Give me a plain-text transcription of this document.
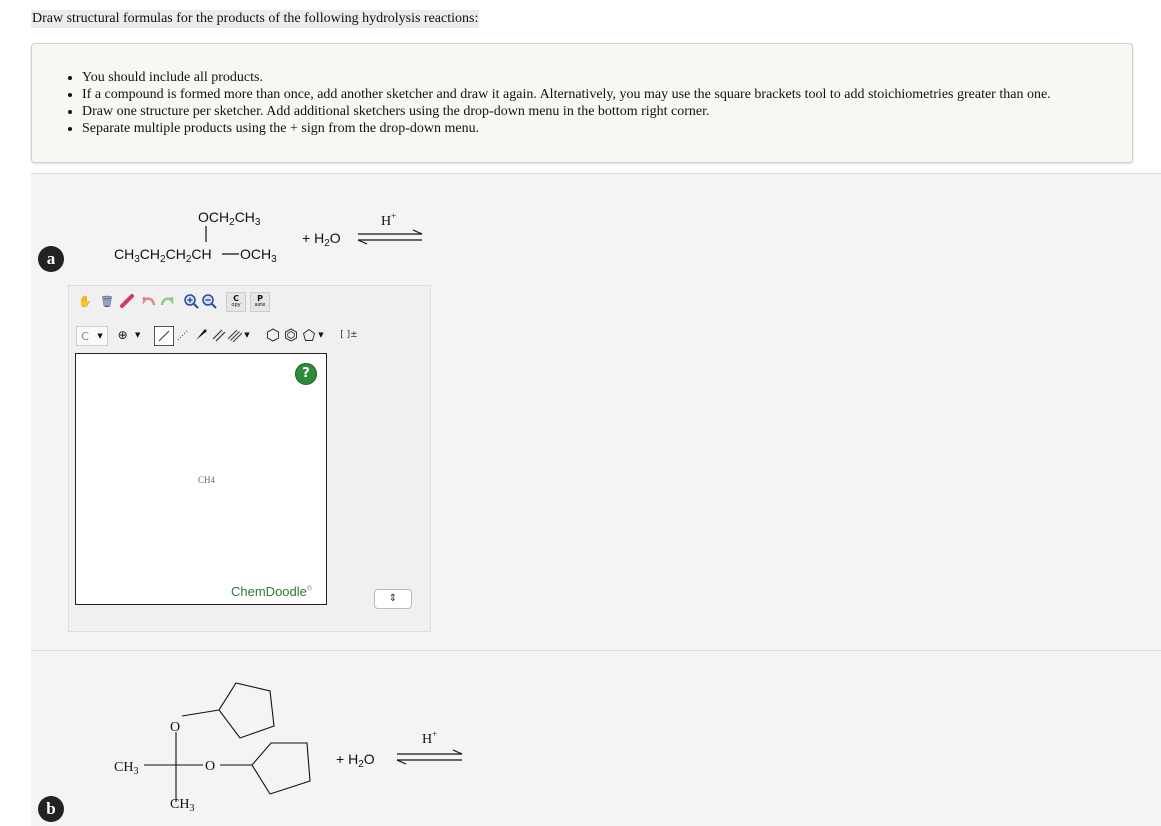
Draw structural formulas for the products of the following hydrolysis reactions:
• You should include all products.
• If a compound is formed more than once, add another sketcher and draw it again. Alternatively, you may use the square brackets tool to add stoichiometries greater than one.
• Draw one structure per sketcher. Add additional sketchers using the drop-down menu in the bottom right corner.
• Separate multiple products using the + sign from the drop-down menu.
a
$OCH_2CH_3$
$CH_3CH_2CH_2CH$ $OCH_3$
+ $H_2O$
H+
✋ 🗑	C
opy
P
aste
C ▼ ⊕ ▼	▼	▼ [ ]±
?
CH4
ChemDoodle®
⇕
b
O
O
$CH_3$
$CH_3$
H+
+ $H_2O$
